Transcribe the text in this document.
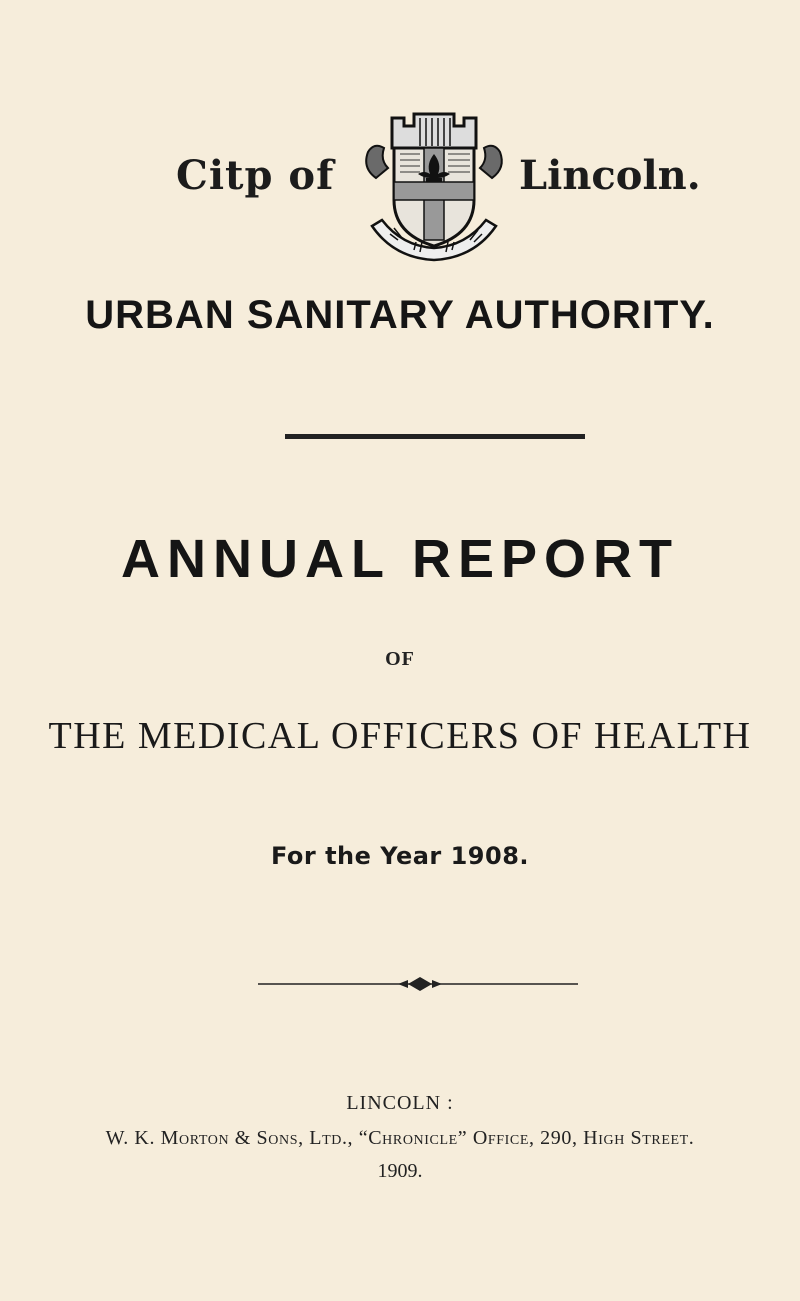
Citp of	Lincoln.
URBAN SANITARY AUTHORITY.
ANNUAL REPORT
OF
THE MEDICAL OFFICERS OF HEALTH
For the Year 1908.
LINCOLN :
W. K. Morton & Sons, Ltd., “Chronicle” Office, 290, High Street.
1909.
